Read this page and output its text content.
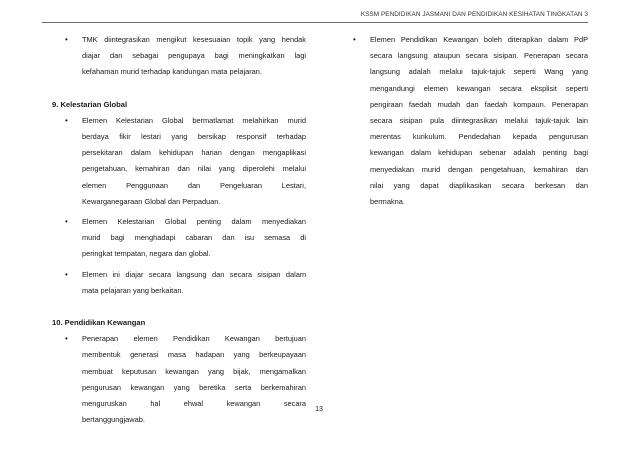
KSSM PENDIDIKAN JASMANI DAN PENDIDIKAN KESIHATAN TINGKATAN 3
• TMK diintegrasikan mengikut kesesuaian topik yang hendak
diajar dan sebagai pengupaya bagi meningkatkan lagi
kefahaman murid terhadap kandungan mata pelajaran.
9. Kelestarian Global
• Elemen Kelestarian Global bermatlamat melahirkan murid
berdaya fikir lestari yang bersikap responsif terhadap
persekitaran dalam kehidupan harian dengan mengaplikasi
pengetahuan, kemahiran dan nilai yang diperolehi melalui
elemen Penggunaan dan Pengeluaran Lestari,
Kewarganegaraan Global dan Perpaduan.
• Elemen Kelestarian Global penting dalam menyediakan
murid bagi menghadapi cabaran dan isu semasa di
peringkat tempatan, negara dan global.
• Elemen ini diajar secara langsung dan secara sisipan dalam
mata pelajaran yang berkaitan.
10. Pendidikan Kewangan
• Penerapan elemen Pendidikan Kewangan bertujuan
membentuk generasi masa hadapan yang berkeupayaan
membuat keputusan kewangan yang bijak, mengamalkan
pengurusan kewangan yang beretika serta berkemahiran
menguruskan hal ehwal kewangan secara
bertanggungjawab.
• Elemen Pendidikan Kewangan boleh diterapkan dalam PdP
secara langsung ataupun secara sisipan. Penerapan secara
langsung adalah melalui tajuk-tajuk seperti Wang yang
mengandungi elemen kewangan secara eksplisit seperti
pengiraan faedah mudah dan faedah kompaun. Penerapan
secara sisipan pula diintegrasikan melalui tajuk-tajuk lain
merentas kurikulum. Pendedahan kepada pengurusan
kewangan dalam kehidupan sebenar adalah penting bagi
menyediakan murid dengan pengetahuan, kemahiran dan
nilai yang dapat diaplikasikan secara berkesan dan
bermakna.
13
